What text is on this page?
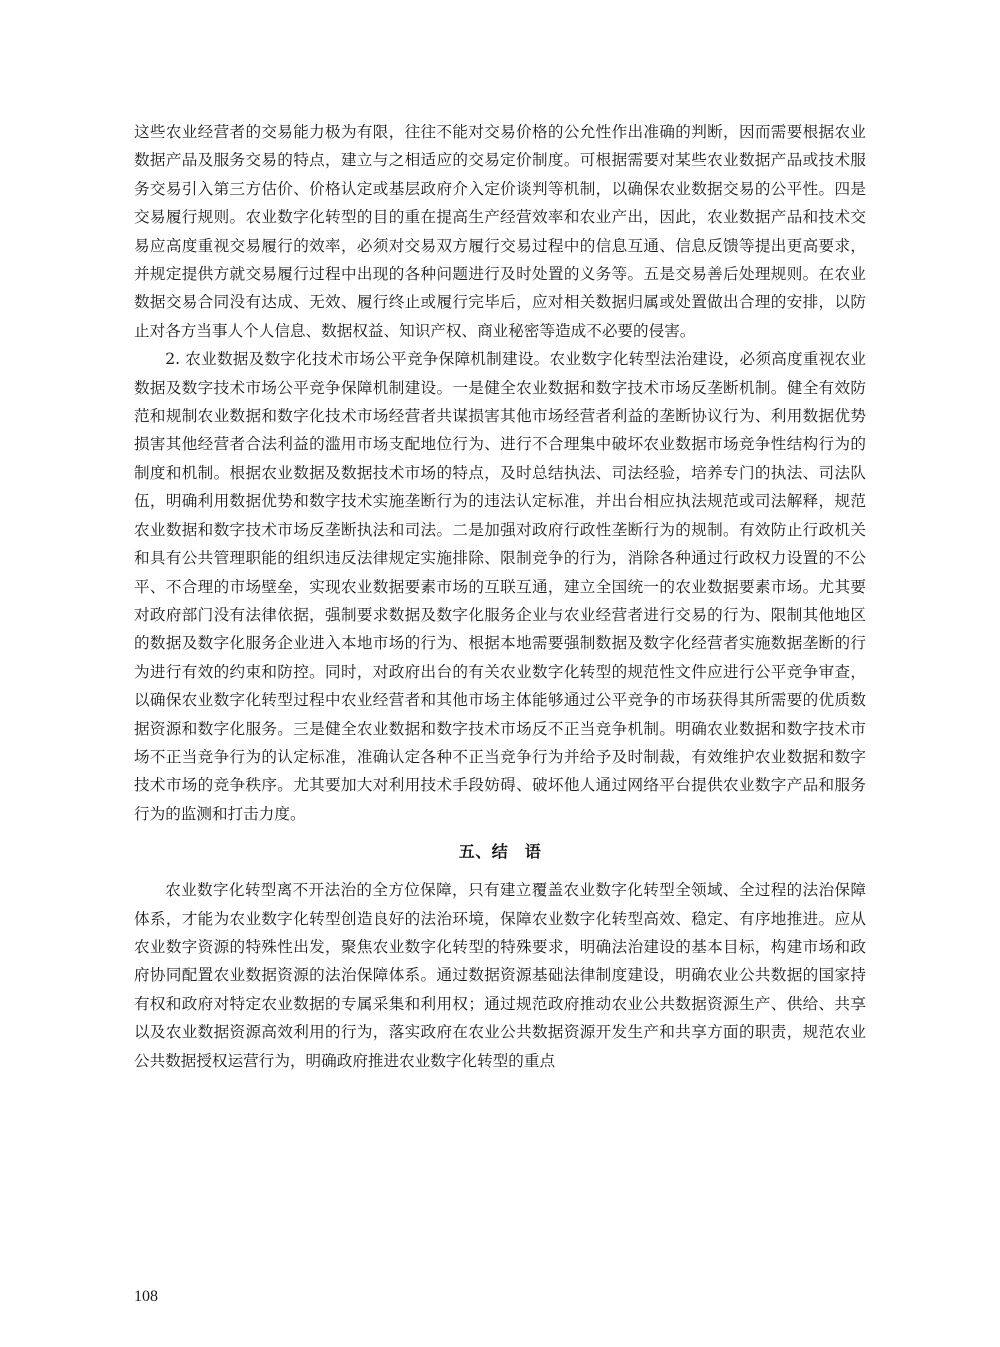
这些农业经营者的交易能力极为有限，往往不能对交易价格的公允性作出准确的判断，因而需要根据农业数据产品及服务交易的特点，建立与之相适应的交易定价制度。可根据需要对某些农业数据产品或技术服务交易引入第三方估价、价格认定或基层政府介入定价谈判等机制，以确保农业数据交易的公平性。四是交易履行规则。农业数字化转型的目的重在提高生产经营效率和农业产出，因此，农业数据产品和技术交易应高度重视交易履行的效率，必须对交易双方履行交易过程中的信息互通、信息反馈等提出更高要求，并规定提供方就交易履行过程中出现的各种问题进行及时处置的义务等。五是交易善后处理规则。在农业数据交易合同没有达成、无效、履行终止或履行完毕后，应对相关数据归属或处置做出合理的安排，以防止对各方当事人个人信息、数据权益、知识产权、商业秘密等造成不必要的侵害。

2. 农业数据及数字化技术市场公平竞争保障机制建设。农业数字化转型法治建设，必须高度重视农业数据及数字技术市场公平竞争保障机制建设。一是健全农业数据和数字技术市场反垄断机制。健全有效防范和规制农业数据和数字化技术市场经营者共谋损害其他市场经营者利益的垄断协议行为、利用数据优势损害其他经营者合法利益的滥用市场支配地位行为、进行不合理集中破坏农业数据市场竞争性结构行为的制度和机制。根据农业数据及数据技术市场的特点，及时总结执法、司法经验，培养专门的执法、司法队伍，明确利用数据优势和数字技术实施垄断行为的违法认定标准，并出台相应执法规范或司法解释，规范农业数据和数字技术市场反垄断执法和司法。二是加强对政府行政性垄断行为的规制。有效防止行政机关和具有公共管理职能的组织违反法律规定实施排除、限制竞争的行为，消除各种通过行政权力设置的不公平、不合理的市场壁垒，实现农业数据要素市场的互联互通，建立全国统一的农业数据要素市场。尤其要对政府部门没有法律依据，强制要求数据及数字化服务企业与农业经营者进行交易的行为、限制其他地区的数据及数字化服务企业进入本地市场的行为、根据本地需要强制数据及数字化经营者实施数据垄断的行为进行有效的约束和防控。同时，对政府出台的有关农业数字化转型的规范性文件应进行公平竞争审查，以确保农业数字化转型过程中农业经营者和其他市场主体能够通过公平竞争的市场获得其所需要的优质数据资源和数字化服务。三是健全农业数据和数字技术市场反不正当竞争机制。明确农业数据和数字技术市场不正当竞争行为的认定标准，准确认定各种不正当竞争行为并给予及时制裁，有效维护农业数据和数字技术市场的竞争秩序。尤其要加大对利用技术手段妨碍、破坏他人通过网络平台提供农业数字产品和服务行为的监测和打击力度。

五、结　语

农业数字化转型离不开法治的全方位保障，只有建立覆盖农业数字化转型全领域、全过程的法治保障体系，才能为农业数字化转型创造良好的法治环境，保障农业数字化转型高效、稳定、有序地推进。应从农业数字资源的特殊性出发，聚焦农业数字化转型的特殊要求，明确法治建设的基本目标，构建市场和政府协同配置农业数据资源的法治保障体系。通过数据资源基础法律制度建设，明确农业公共数据的国家持有权和政府对特定农业数据的专属采集和利用权；通过规范政府推动农业公共数据资源生产、供给、共享以及农业数据资源高效利用的行为，落实政府在农业公共数据资源开发生产和共享方面的职责，规范农业公共数据授权运营行为，明确政府推进农业数字化转型的重点

108
